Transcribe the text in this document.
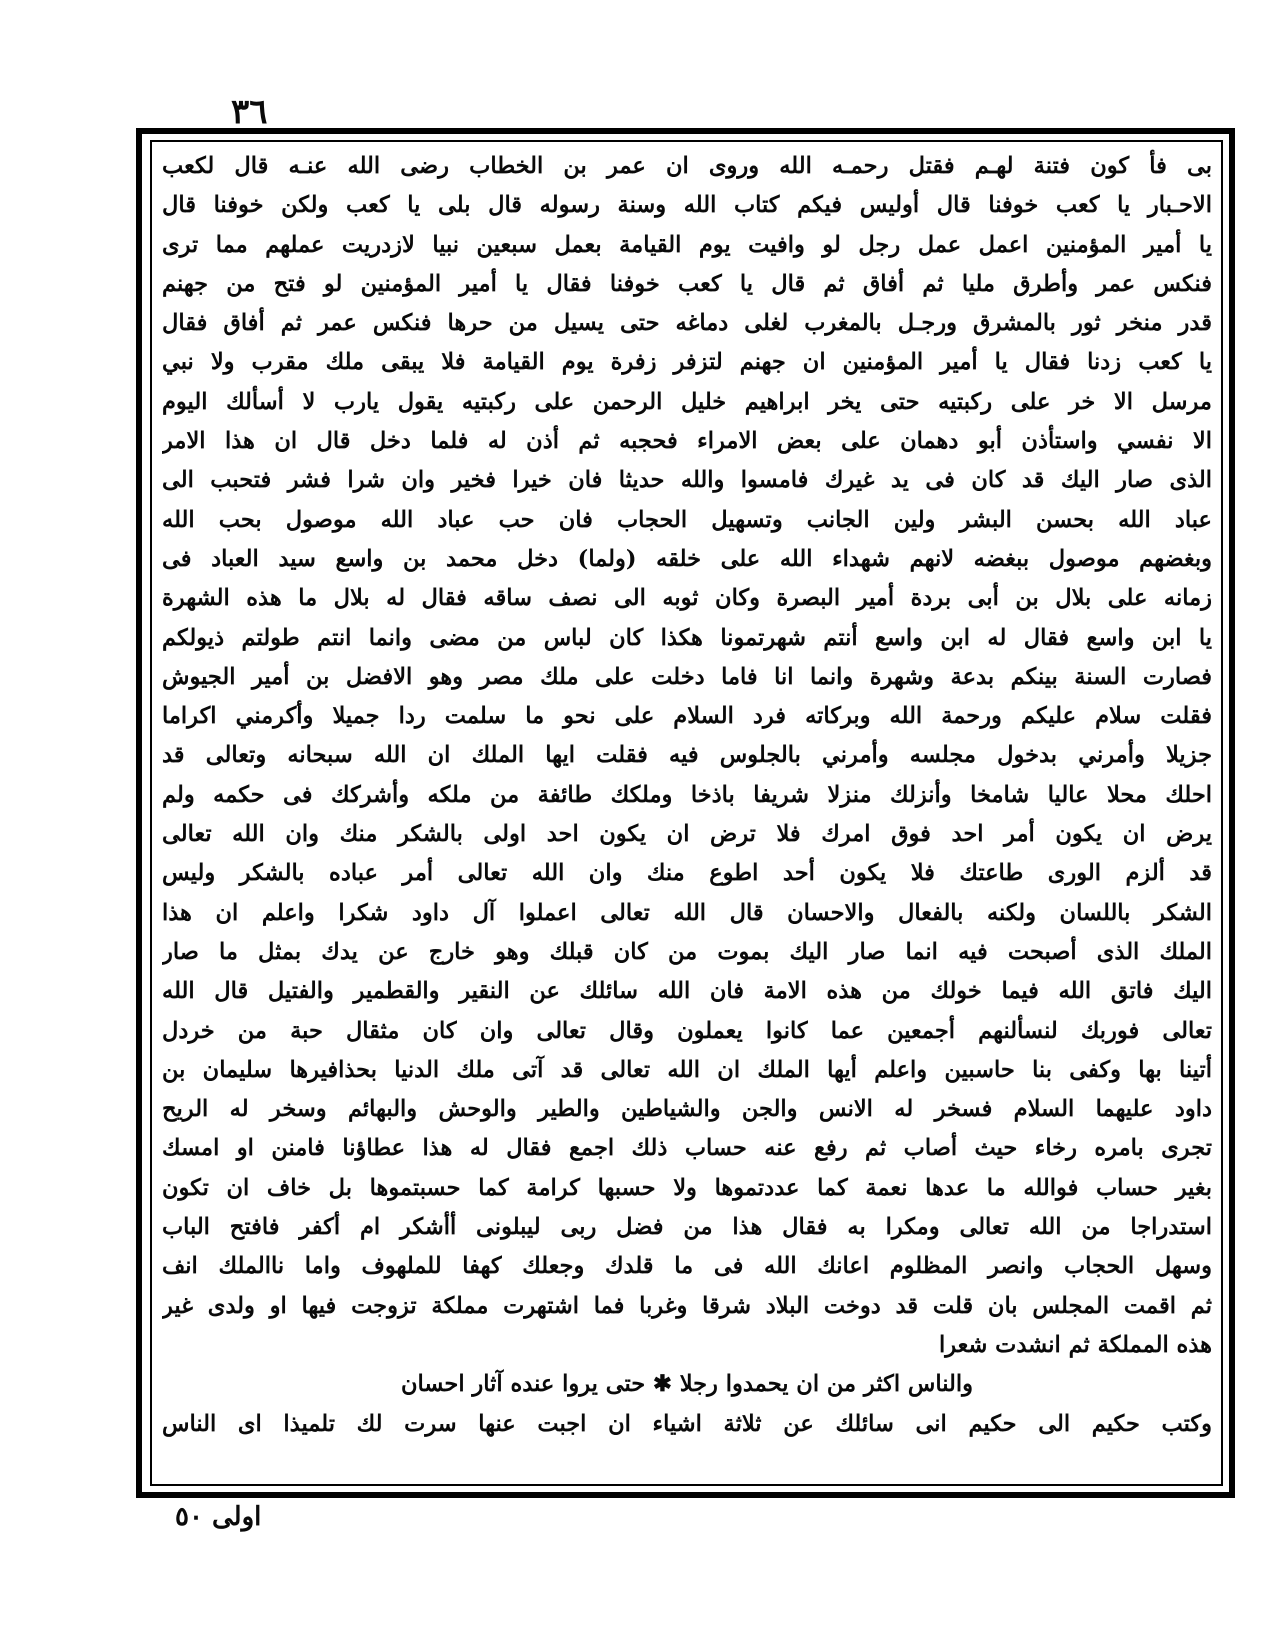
٣٦
بى فأ كون فتنة لهـم فقتل رحمـه الله وروى ان عمر بن الخطاب رضى الله عنـه قال لكعب
الاحـبار يا كعب خوفنا قال أوليس فيكم كتاب الله وسنة رسوله قال بلى يا كعب ولكن خوفنا قال
يا أمير المؤمنين اعمل عمل رجل لو وافيت يوم القيامة بعمل سبعين نبيا لازدريت عملهم مما ترى
فنكس عمر وأطرق مليا ثم أفاق ثم قال يا كعب خوفنا فقال يا أمير المؤمنين لو فتح من جهنم
قدر منخر ثور بالمشرق ورجـل بالمغرب لغلى دماغه حتى يسيل من حرها فنكس عمر ثم أفاق فقال
يا كعب زدنا فقال يا أمير المؤمنين ان جهنم لتزفر زفرة يوم القيامة فلا يبقى ملك مقرب ولا نبي
مرسل الا خر على ركبتيه حتى يخر ابراهيم خليل الرحمن على ركبتيه يقول يارب لا أسألك اليوم
الا نفسي واستأذن أبو دهمان على بعض الامراء فحجبه ثم أذن له فلما دخل قال ان هذا الامر
الذى صار اليك قد كان فى يد غيرك فامسوا والله حديثا فان خيرا فخير وان شرا فشر فتحبب الى
عباد الله بحسن البشر ولين الجانب وتسهيل الحجاب فان حب عباد الله موصول بحب الله
وبغضهم موصول ببغضه لانهم شهداء الله على خلقه (ولما) دخل محمد بن واسع سيد العباد فى
زمانه على بلال بن أبى بردة أمير البصرة وكان ثوبه الى نصف ساقه فقال له بلال ما هذه الشهرة
يا ابن واسع فقال له ابن واسع أنتم شهرتمونا هكذا كان لباس من مضى وانما انتم طولتم ذيولكم
فصارت السنة بينكم بدعة وشهرة وانما انا فاما دخلت على ملك مصر وهو الافضل بن أمير الجيوش
فقلت سلام عليكم ورحمة الله وبركاته فرد السلام على نحو ما سلمت ردا جميلا وأكرمني اكراما
جزيلا وأمرني بدخول مجلسه وأمرني بالجلوس فيه فقلت ايها الملك ان الله سبحانه وتعالى قد
احلك محلا عاليا شامخا وأنزلك منزلا شريفا باذخا وملكك طائفة من ملكه وأشركك فى حكمه ولم
يرض ان يكون أمر احد فوق امرك فلا ترض ان يكون احد اولى بالشكر منك وان الله تعالى
قد ألزم الورى طاعتك فلا يكون أحد اطوع منك وان الله تعالى أمر عباده بالشكر وليس
الشكر باللسان ولكنه بالفعال والاحسان قال الله تعالى اعملوا آل داود شكرا واعلم ان هذا
الملك الذى أصبحت فيه انما صار اليك بموت من كان قبلك وهو خارج عن يدك بمثل ما صار
اليك فاتق الله فيما خولك من هذه الامة فان الله سائلك عن النقير والقطمير والفتيل قال الله
تعالى فوربك لنسألنهم أجمعين عما كانوا يعملون وقال تعالى وان كان مثقال حبة من خردل
أتينا بها وكفى بنا حاسبين واعلم أيها الملك ان الله تعالى قد آتى ملك الدنيا بحذافيرها سليمان بن
داود عليهما السلام فسخر له الانس والجن والشياطين والطير والوحش والبهائم وسخر له الريح
تجرى بامره رخاء حيث أصاب ثم رفع عنه حساب ذلك اجمع فقال له هذا عطاؤنا فامنن او امسك
بغير حساب فوالله ما عدها نعمة كما عددتموها ولا حسبها كرامة كما حسبتموها بل خاف ان تكون
استدراجا من الله تعالى ومكرا به فقال هذا من فضل ربى ليبلونى أأشكر ام أكفر فافتح الباب
وسهل الحجاب وانصر المظلوم اعانك الله فى ما قلدك وجعلك كهفا للملهوف واما ناالملك انف
ثم اقمت المجلس بان قلت قد دوخت البلاد شرقا وغربا فما اشتهرت مملكة تزوجت فيها او ولدى غير
هذه المملكة ثم انشدت شعرا
والناس اكثر من ان يحمدوا رجلا ✱ حتى يروا عنده آثار احسان
وكتب حكيم الى حكيم انى سائلك عن ثلاثة اشياء ان اجبت عنها سرت لك تلميذا اى الناس
اولى ٥٠
